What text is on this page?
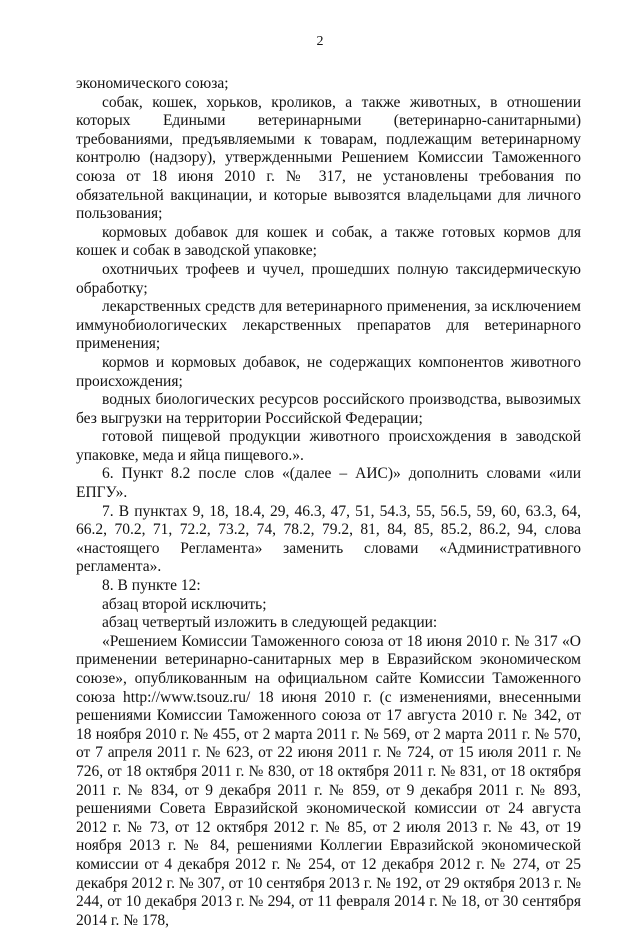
2

экономического союза;

собак, кошек, хорьков, кроликов, а также животных, в отношении которых Едиными ветеринарными (ветеринарно-санитарными) требованиями, предъявляемыми к товарам, подлежащим ветеринарному контролю (надзору), утвержденными Решением Комиссии Таможенного союза от 18 июня 2010 г. № 317, не установлены требования по обязательной вакцинации, и которые вывозятся владельцами для личного пользования;

кормовых добавок для кошек и собак, а также готовых кормов для кошек и собак в заводской упаковке;

охотничьих трофеев и чучел, прошедших полную таксидермическую обработку;

лекарственных средств для ветеринарного применения, за исключением иммунобиологических лекарственных препаратов для ветеринарного применения;

кормов и кормовых добавок, не содержащих компонентов животного происхождения;

водных биологических ресурсов российского производства, вывозимых без выгрузки на территории Российской Федерации;

готовой пищевой продукции животного происхождения в заводской упаковке, меда и яйца пищевого.».

6. Пункт 8.2 после слов «(далее – АИС)» дополнить словами «или ЕПГУ».

7. В пунктах 9, 18, 18.4, 29, 46.3, 47, 51, 54.3, 55, 56.5, 59, 60, 63.3, 64, 66.2, 70.2, 71, 72.2, 73.2, 74, 78.2, 79.2, 81, 84, 85, 85.2, 86.2, 94, слова «настоящего Регламента» заменить словами «Административного регламента».

8. В пункте 12:

абзац второй исключить;

абзац четвертый изложить в следующей редакции:

«Решением Комиссии Таможенного союза от 18 июня 2010 г. № 317 «О применении ветеринарно-санитарных мер в Евразийском экономическом союзе», опубликованным на официальном сайте Комиссии Таможенного союза http://www.tsouz.ru/ 18 июня 2010 г. (с изменениями, внесенными решениями Комиссии Таможенного союза от 17 августа 2010 г. № 342, от 18 ноября 2010 г. № 455, от 2 марта 2011 г. № 569, от 2 марта 2011 г. № 570, от 7 апреля 2011 г. № 623, от 22 июня 2011 г. № 724, от 15 июля 2011 г. № 726, от 18 октября 2011 г. № 830, от 18 октября 2011 г. № 831, от 18 октября 2011 г. № 834, от 9 декабря 2011 г. № 859, от 9 декабря 2011 г. № 893, решениями Совета Евразийской экономической комиссии от 24 августа 2012 г. № 73, от 12 октября 2012 г. № 85, от 2 июля 2013 г. № 43, от 19 ноября 2013 г. № 84, решениями Коллегии Евразийской экономической комиссии от 4 декабря 2012 г. № 254, от 12 декабря 2012 г. № 274, от 25 декабря 2012 г. № 307, от 10 сентября 2013 г. № 192, от 29 октября 2013 г. № 244, от 10 декабря 2013 г. № 294, от 11 февраля 2014 г. № 18, от 30 сентября 2014 г. № 178,
